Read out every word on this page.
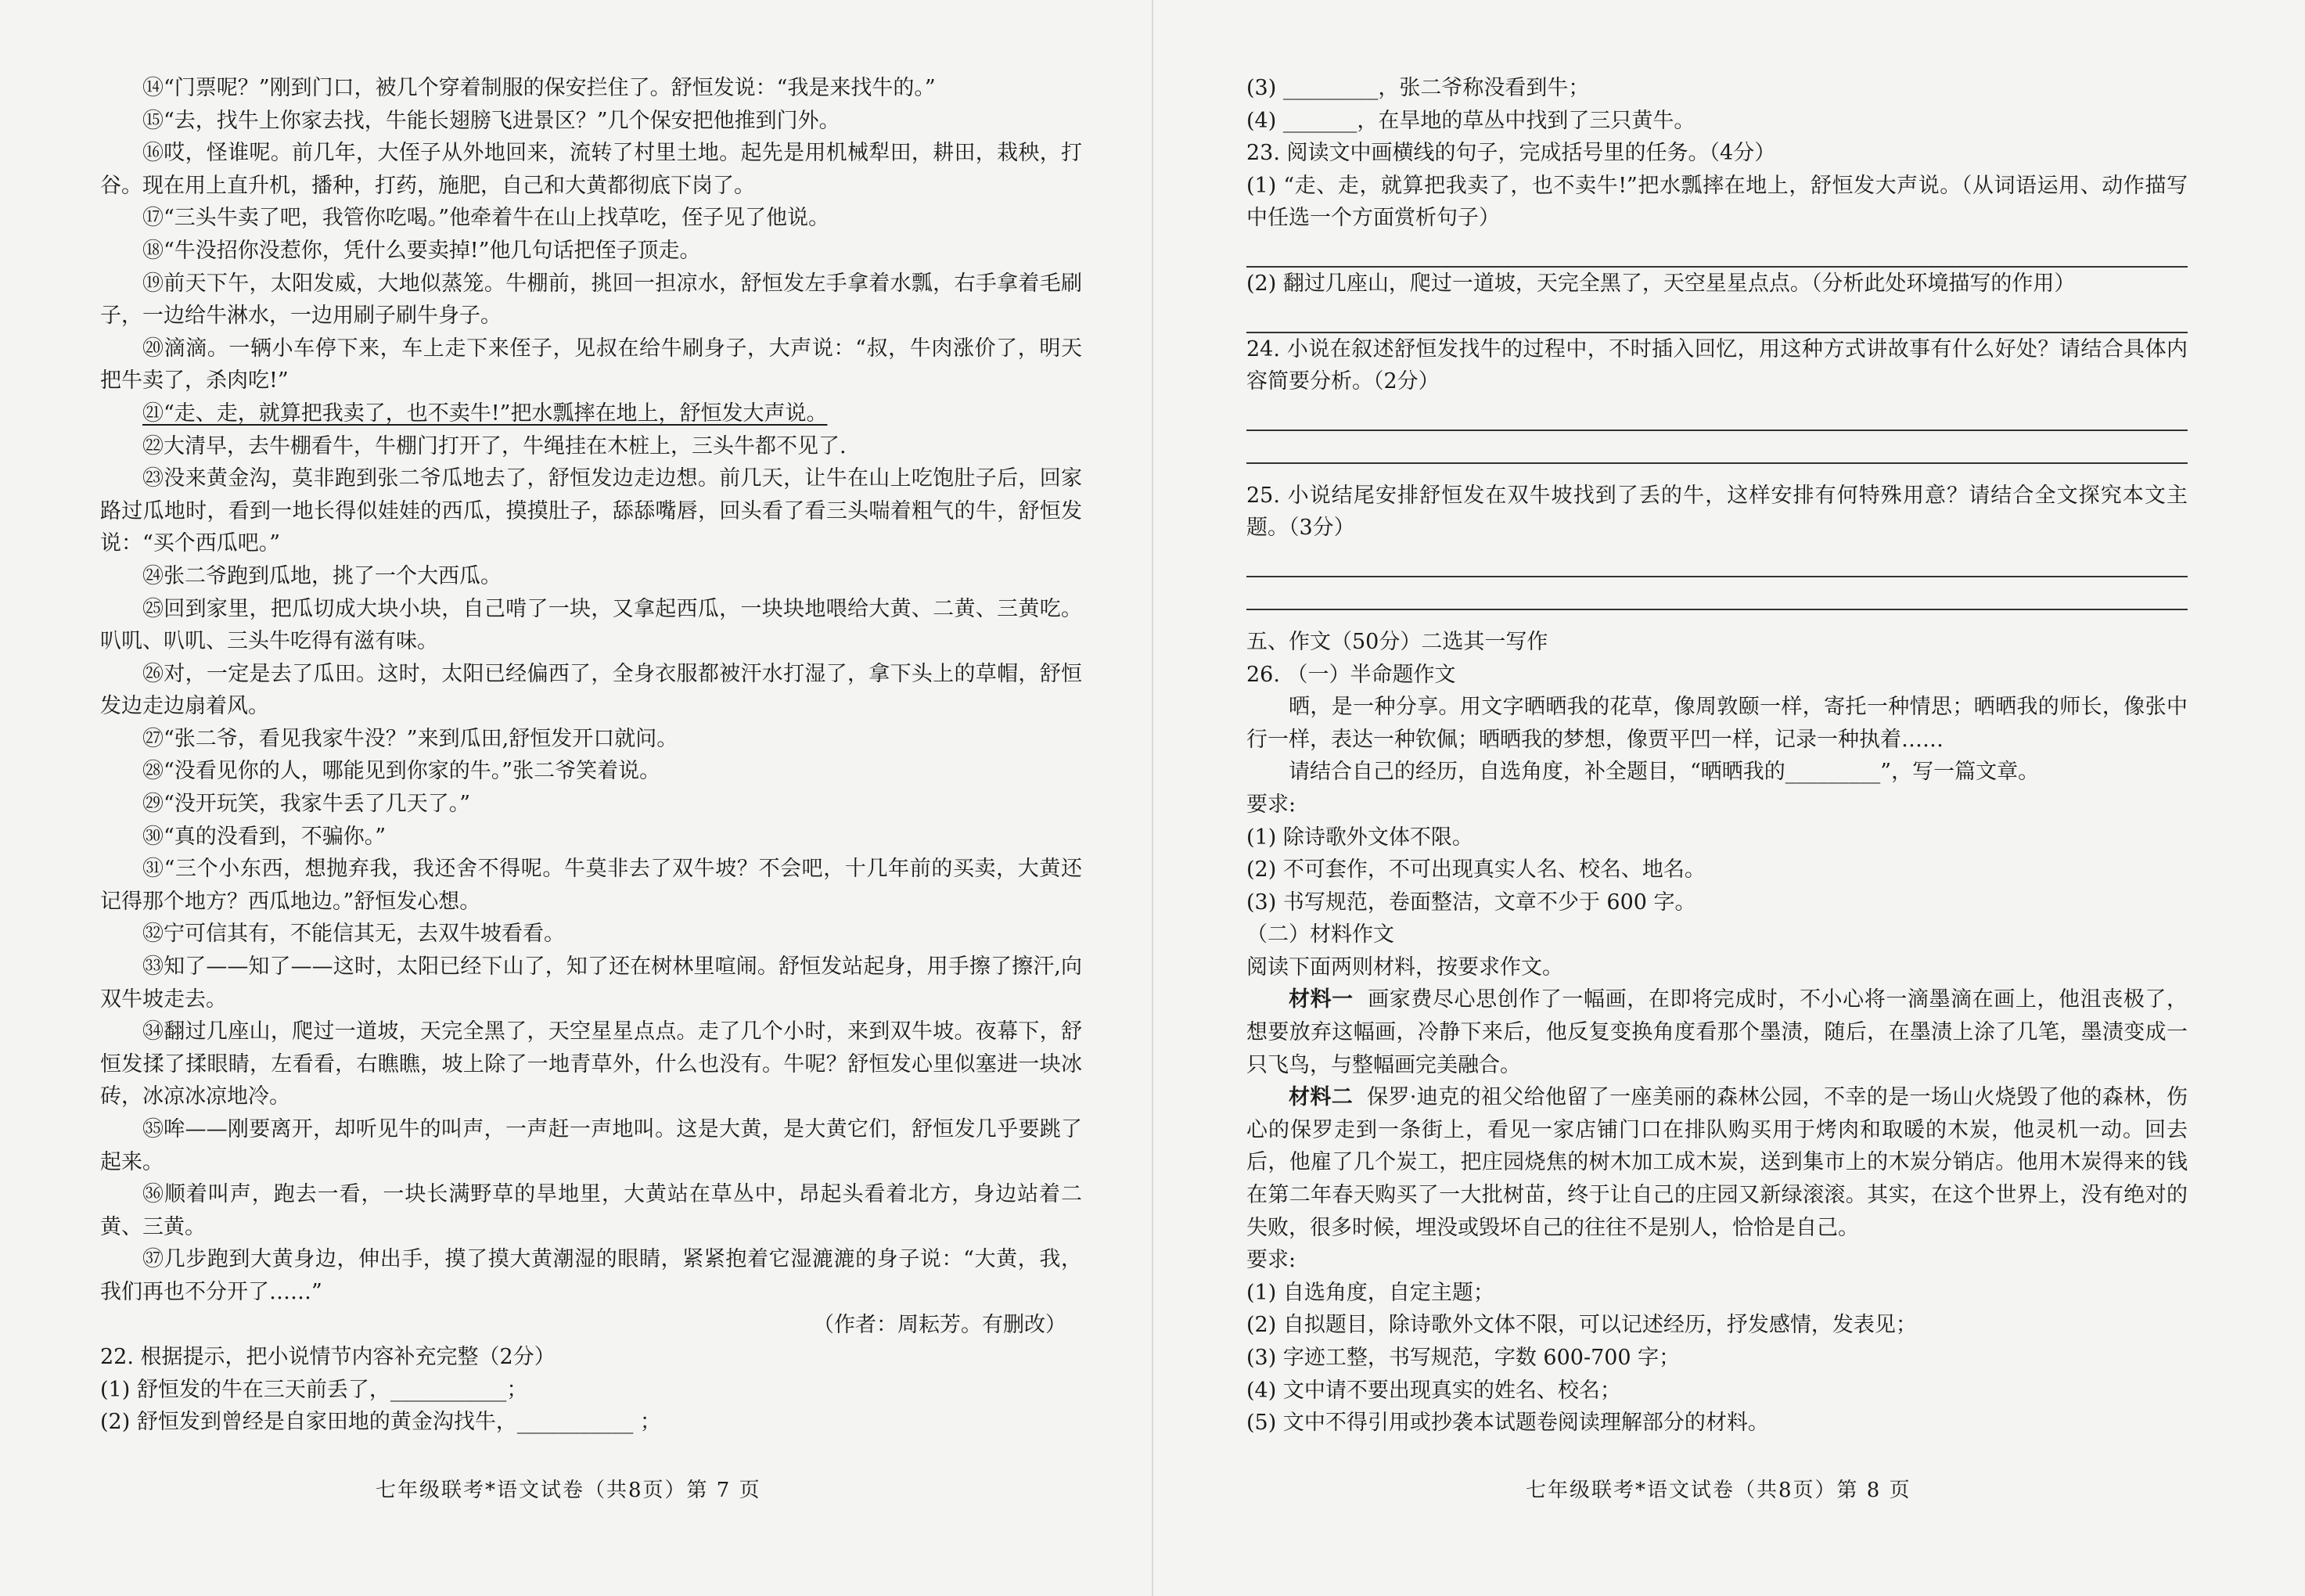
⑭“门票呢？”刚到门口，被几个穿着制服的保安拦住了。舒恒发说：“我是来找牛的。”

⑮“去，找牛上你家去找，牛能长翅膀飞进景区？”几个保安把他推到门外。

⑯哎，怪谁呢。前几年，大侄子从外地回来，流转了村里土地。起先是用机械犁田，耕田，栽秧，打谷。现在用上直升机，播种，打药，施肥，自己和大黄都彻底下岗了。

⑰“三头牛卖了吧，我管你吃喝。”他牵着牛在山上找草吃，侄子见了他说。

⑱“牛没招你没惹你，凭什么要卖掉!”他几句话把侄子顶走。

⑲前天下午，太阳发威，大地似蒸笼。牛棚前，挑回一担凉水，舒恒发左手拿着水瓢，右手拿着毛刷子，一边给牛淋水，一边用刷子刷牛身子。

⑳滴滴。一辆小车停下来，车上走下来侄子，见叔在给牛刷身子，大声说：“叔，牛肉涨价了，明天把牛卖了，杀肉吃!”

㉑“走、走，就算把我卖了，也不卖牛!”把水瓢摔在地上，舒恒发大声说。

㉒大清早，去牛棚看牛，牛棚门打开了，牛绳挂在木桩上，三头牛都不见了.

㉓没来黄金沟，莫非跑到张二爷瓜地去了，舒恒发边走边想。前几天，让牛在山上吃饱肚子后，回家路过瓜地时，看到一地长得似娃娃的西瓜，摸摸肚子，舔舔嘴唇，回头看了看三头喘着粗气的牛，舒恒发说：“买个西瓜吧。”

㉔张二爷跑到瓜地，挑了一个大西瓜。

㉕回到家里，把瓜切成大块小块，自己啃了一块，又拿起西瓜，一块块地喂给大黄、二黄、三黄吃。叭叽、叭叽、三头牛吃得有滋有味。

㉖对，一定是去了瓜田。这时，太阳已经偏西了，全身衣服都被汗水打湿了，拿下头上的草帽，舒恒发边走边扇着风。

㉗“张二爷，看见我家牛没？”来到瓜田,舒恒发开口就问。

㉘“没看见你的人，哪能见到你家的牛。”张二爷笑着说。

㉙“没开玩笑，我家牛丢了几天了。”

㉚“真的没看到，不骗你。”

㉛“三个小东西，想抛弃我，我还舍不得呢。牛莫非去了双牛坡？不会吧，十几年前的买卖，大黄还记得那个地方？西瓜地边。”舒恒发心想。

㉜宁可信其有，不能信其无，去双牛坡看看。

㉝知了——知了——这时，太阳已经下山了，知了还在树林里喧闹。舒恒发站起身，用手擦了擦汗,向双牛坡走去。

㉞翻过几座山，爬过一道坡，天完全黑了，天空星星点点。走了几个小时，来到双牛坡。夜幕下，舒恒发揉了揉眼睛，左看看，右瞧瞧，坡上除了一地青草外，什么也没有。牛呢？舒恒发心里似塞进一块冰砖，冰凉冰凉地冷。

㉟哞——刚要离开，却听见牛的叫声，一声赶一声地叫。这是大黄，是大黄它们，舒恒发几乎要跳了起来。

㊱顺着叫声，跑去一看，一块长满野草的旱地里，大黄站在草丛中，昂起头看着北方，身边站着二黄、三黄。

㊲几步跑到大黄身边，伸出手，摸了摸大黄潮湿的眼睛，紧紧抱着它湿漉漉的身子说：“大黄，我，我们再也不分开了……”

（作者：周耘芳。有删改）

22. 根据提示，把小说情节内容补充完整（2分）

(1) 舒恒发的牛在三天前丢了，___________；

(2) 舒恒发到曾经是自家田地的黄金沟找牛，___________ ；

七年级联考*语文试卷（共8页）第 7 页

(3) _________，张二爷称没看到牛；

(4) _______，在旱地的草丛中找到了三只黄牛。

23. 阅读文中画横线的句子，完成括号里的任务。（4分）

(1) “走、走，就算把我卖了，也不卖牛!”把水瓢摔在地上，舒恒发大声说。（从词语运用、动作描写中任选一个方面赏析句子）

(2) 翻过几座山，爬过一道坡，天完全黑了，天空星星点点。（分析此处环境描写的作用）

24. 小说在叙述舒恒发找牛的过程中，不时插入回忆，用这种方式讲故事有什么好处？请结合具体内容简要分析。（2分）

25. 小说结尾安排舒恒发在双牛坡找到了丢的牛，这样安排有何特殊用意？请结合全文探究本文主题。（3分）

五、作文（50分）二选其一写作

26. （一）半命题作文

晒，是一种分享。用文字晒晒我的花草，像周敦颐一样，寄托一种情思；晒晒我的师长，像张中行一样，表达一种钦佩；晒晒我的梦想，像贾平凹一样，记录一种执着……

请结合自己的经历，自选角度，补全题目，“晒晒我的_________”，写一篇文章。

要求:

(1) 除诗歌外文体不限。

(2) 不可套作，不可出现真实人名、校名、地名。

(3) 书写规范，卷面整洁，文章不少于 600 字。

（二）材料作文

阅读下面两则材料，按要求作文。

材料一 画家费尽心思创作了一幅画，在即将完成时，不小心将一滴墨滴在画上，他沮丧极了，想要放弃这幅画，冷静下来后，他反复变换角度看那个墨渍，随后，在墨渍上涂了几笔，墨渍变成一只飞鸟，与整幅画完美融合。

材料二 保罗·迪克的祖父给他留了一座美丽的森林公园，不幸的是一场山火烧毁了他的森林，伤心的保罗走到一条街上，看见一家店铺门口在排队购买用于烤肉和取暖的木炭，他灵机一动。回去后，他雇了几个炭工，把庄园烧焦的树木加工成木炭，送到集市上的木炭分销店。他用木炭得来的钱在第二年春天购买了一大批树苗，终于让自己的庄园又新绿滚滚。其实，在这个世界上，没有绝对的失败，很多时候，埋没或毁坏自己的往往不是别人，恰恰是自己。

要求:

(1) 自选角度，自定主题；

(2) 自拟题目，除诗歌外文体不限，可以记述经历，抒发感情，发表见；

(3) 字迹工整，书写规范，字数 600-700 字；

(4) 文中请不要出现真实的姓名、校名；

(5) 文中不得引用或抄袭本试题卷阅读理解部分的材料。

七年级联考*语文试卷（共8页）第 8 页
